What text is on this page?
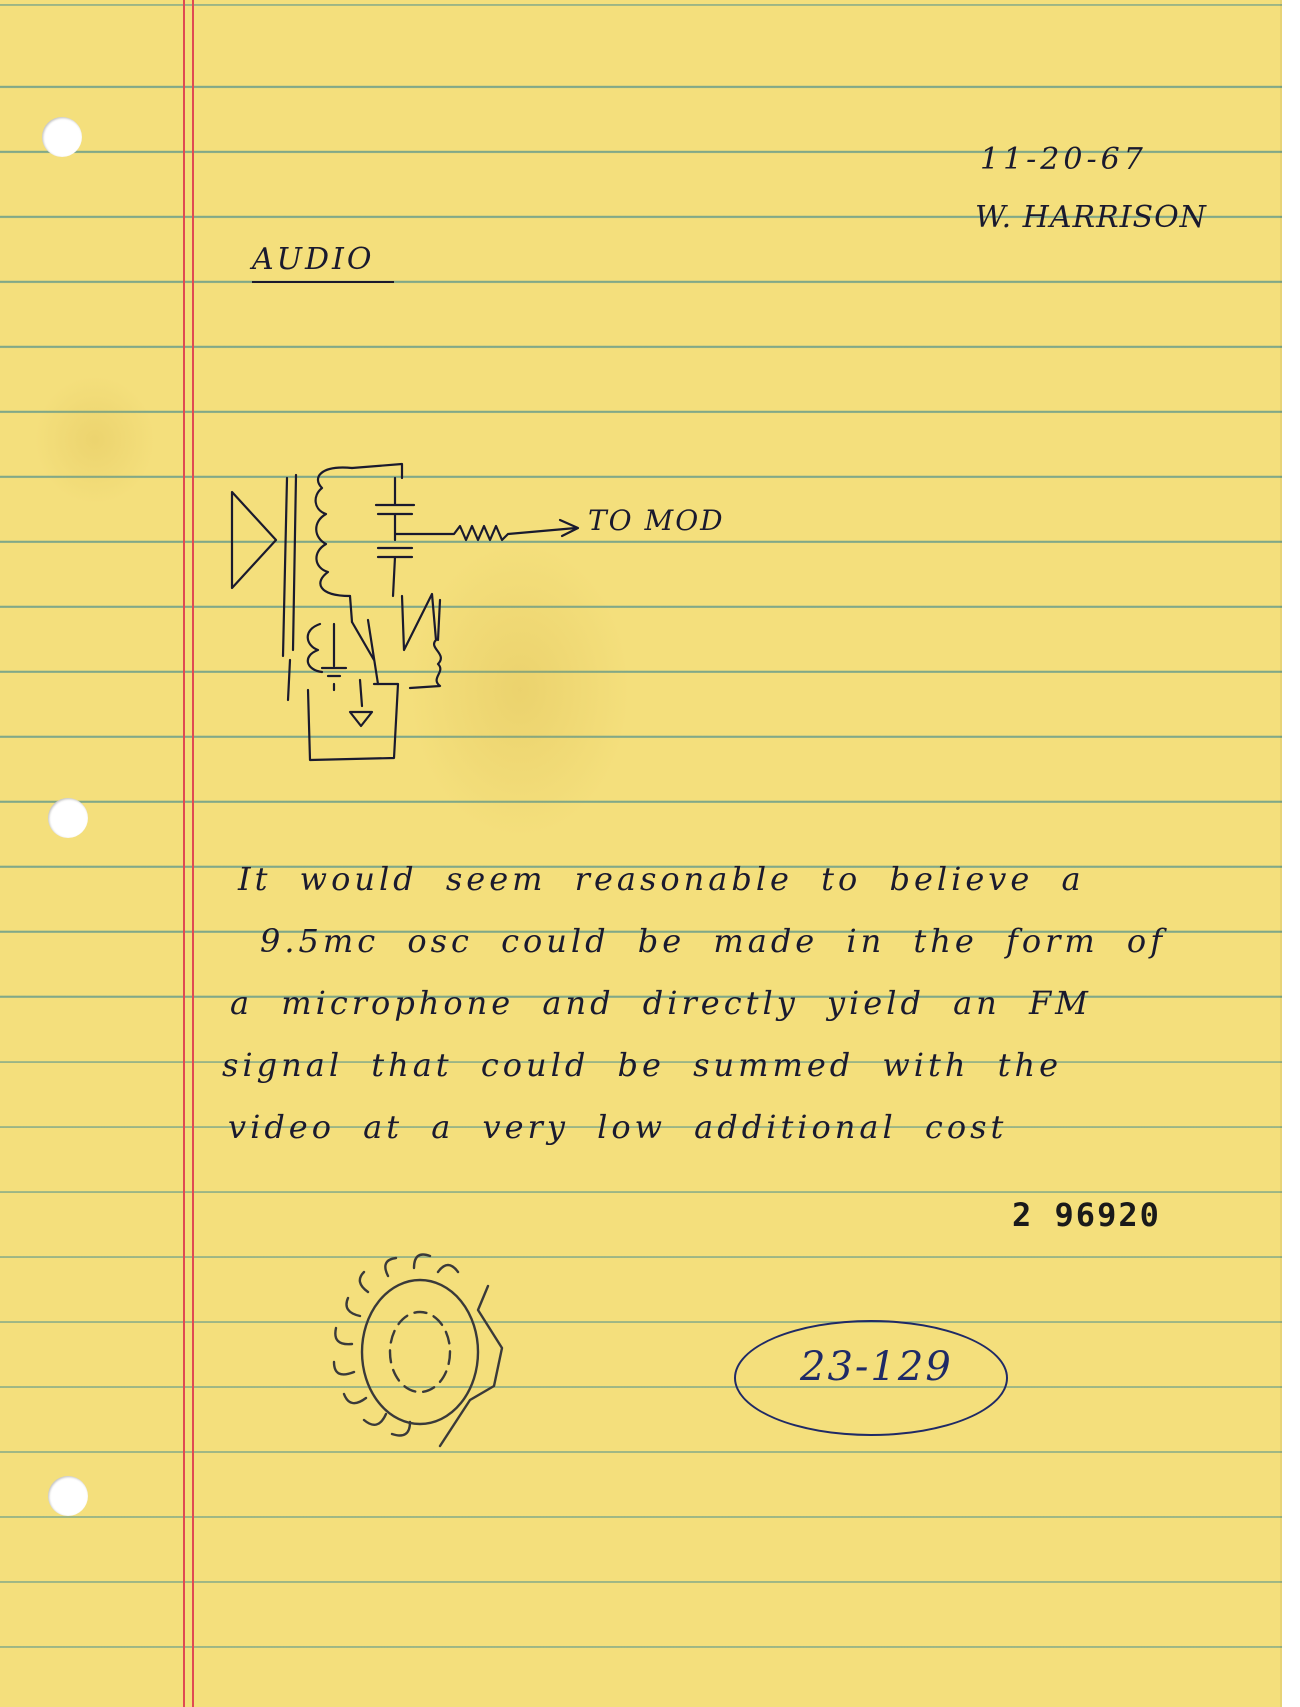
11-20-67

W. HARRISON

AUDIO

TO MOD

It would seem reasonable to believe a

9.5mc osc could be made in the form of

a microphone and directly yield an FM

signal that could be summed with the

video at a very low additional cost

2 96920

23-129
